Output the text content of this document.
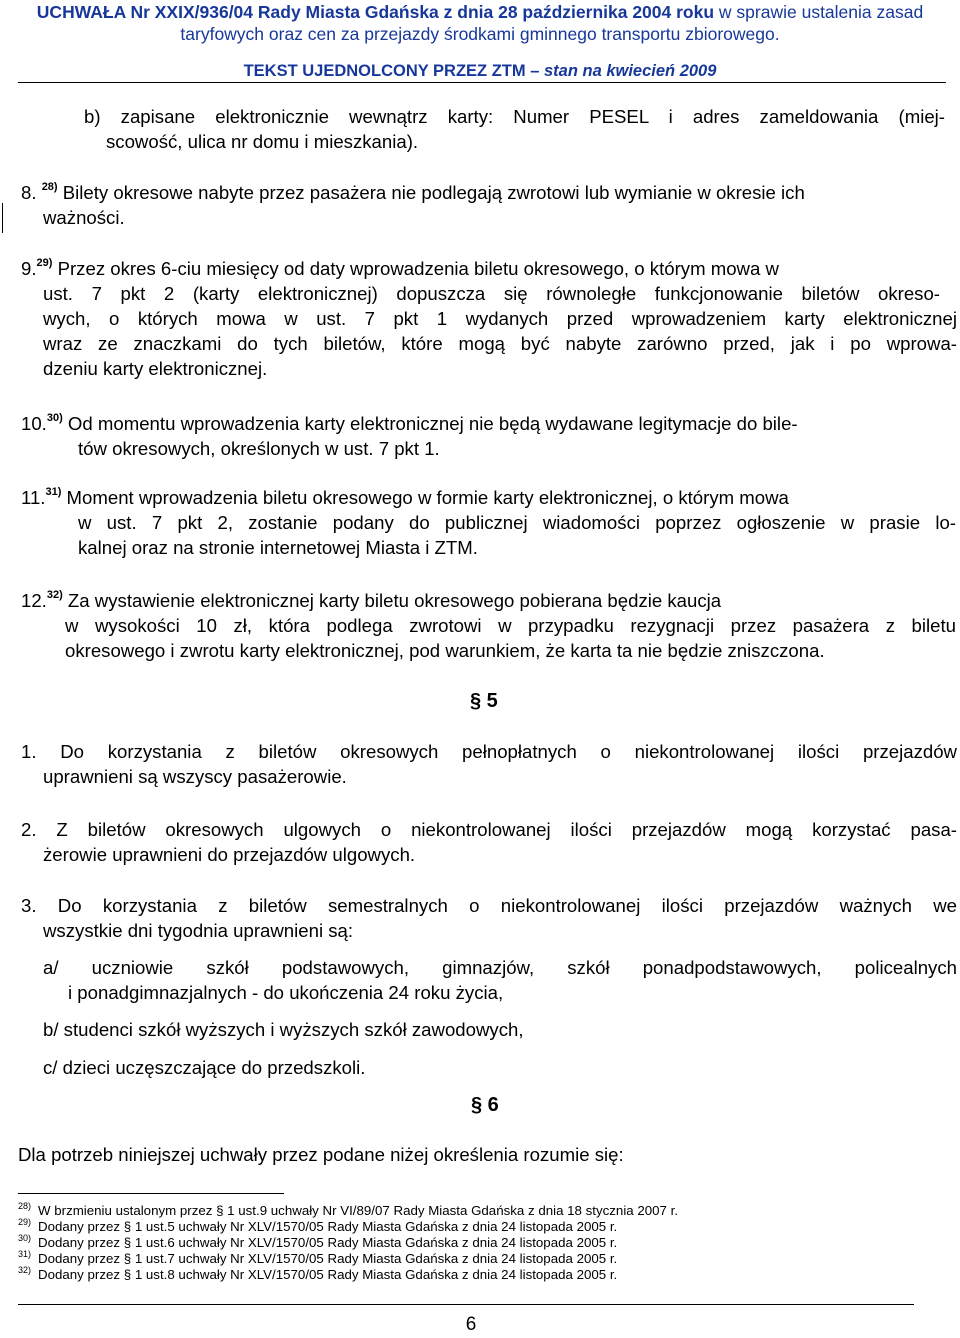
UCHWAŁA Nr XXIX/936/04 Rady Miasta Gdańska z dnia 28 października 2004 roku w sprawie ustalenia zasad
taryfowych oraz cen za przejazdy środkami gminnego transportu zbiorowego.
TEKST UJEDNOLCONY PRZEZ ZTM – stan na kwiecień 2009
b) zapisane elektronicznie wewnątrz karty: Numer PESEL i adres zameldowania (miej-
scowość, ulica nr domu i mieszkania).
8. $^{28)}$ Bilety okresowe nabyte przez pasażera nie podlegają zwrotowi lub wymianie w okresie ich
ważności.
9.$^{29)}$ Przez okres 6-ciu miesięcy od daty wprowadzenia biletu okresowego, o którym mowa w
ust. 7 pkt 2 (karty elektronicznej) dopuszcza się równoległe funkcjonowanie biletów okreso-
wych, o których mowa w ust. 7 pkt 1 wydanych przed wprowadzeniem karty elektronicznej
wraz ze znaczkami do tych biletów, które mogą być nabyte zarówno przed, jak i po wprowa-
dzeniu karty elektronicznej.
10.$^{30)}$ Od momentu wprowadzenia karty elektronicznej nie będą wydawane legitymacje do bile-
tów okresowych, określonych w ust. 7 pkt 1.
11.$^{31)}$ Moment wprowadzenia biletu okresowego w formie karty elektronicznej, o którym mowa
w ust. 7 pkt 2, zostanie podany do publicznej wiadomości poprzez ogłoszenie w prasie lo-
kalnej oraz na stronie internetowej Miasta i ZTM.
12.$^{32)}$ Za wystawienie elektronicznej karty biletu okresowego pobierana będzie kaucja
w wysokości 10 zł, która podlega zwrotowi w przypadku rezygnacji przez pasażera z biletu
okresowego i zwrotu karty elektronicznej, pod warunkiem, że karta ta nie będzie zniszczona.
§ 5
1. Do korzystania z biletów okresowych pełnopłatnych o niekontrolowanej ilości przejazdów
uprawnieni są wszyscy pasażerowie.
2. Z biletów okresowych ulgowych o niekontrolowanej ilości przejazdów mogą korzystać pasa-
żerowie uprawnieni do przejazdów ulgowych.
3. Do korzystania z biletów semestralnych o niekontrolowanej ilości przejazdów ważnych we
wszystkie dni tygodnia uprawnieni są:
a/ uczniowie szkół podstawowych, gimnazjów, szkół ponadpodstawowych, policealnych
i ponadgimnazjalnych - do ukończenia 24 roku życia,
b/ studenci szkół wyższych i wyższych szkół zawodowych,
c/ dzieci uczęszczające do przedszkoli.
§ 6
Dla potrzeb niniejszej uchwały przez podane niżej określenia rozumie się:
$^{28)}$ W brzmieniu ustalonym przez § 1 ust.9 uchwały Nr VI/89/07 Rady Miasta Gdańska z dnia 18 stycznia 2007 r.
$^{29)}$ Dodany przez § 1 ust.5 uchwały Nr XLV/1570/05 Rady Miasta Gdańska z dnia 24 listopada 2005 r.
$^{30)}$ Dodany przez § 1 ust.6 uchwały Nr XLV/1570/05 Rady Miasta Gdańska z dnia 24 listopada 2005 r.
$^{31)}$ Dodany przez § 1 ust.7 uchwały Nr XLV/1570/05 Rady Miasta Gdańska z dnia 24 listopada 2005 r.
$^{32)}$ Dodany przez § 1 ust.8 uchwały Nr XLV/1570/05 Rady Miasta Gdańska z dnia 24 listopada 2005 r.
6
